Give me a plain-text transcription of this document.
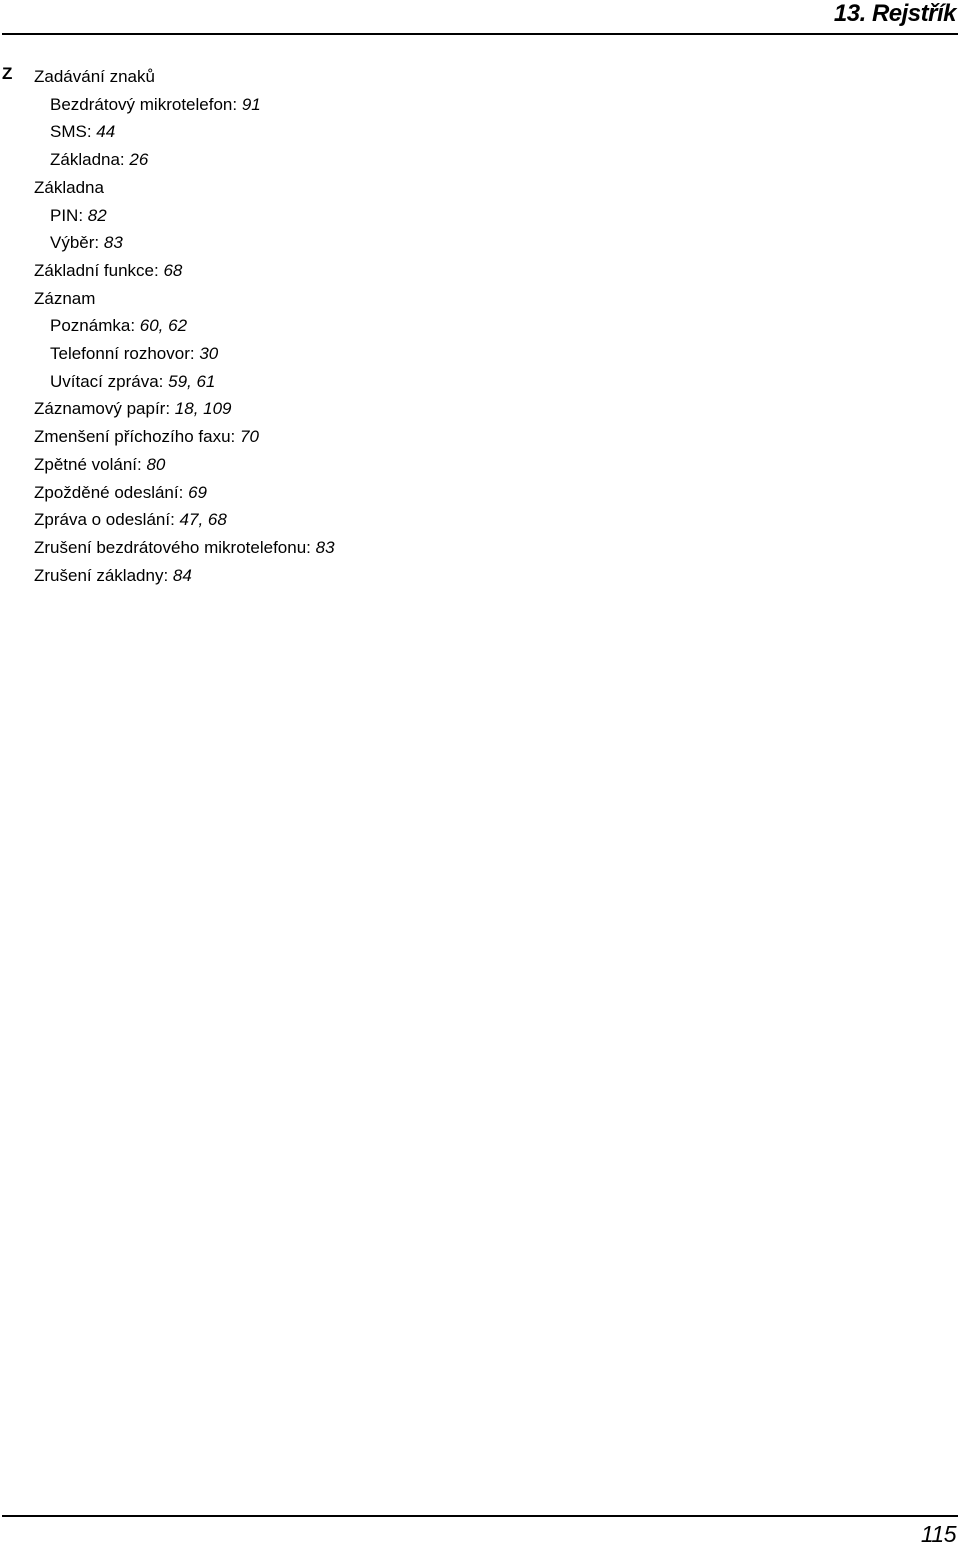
13. Rejstřík
Z Zadávání znaků
Bezdrátový mikrotelefon: 91
SMS: 44
Základna: 26
Základna
PIN: 82
Výběr: 83
Základní funkce: 68
Záznam
Poznámka: 60, 62
Telefonní rozhovor: 30
Uvítací zpráva: 59, 61
Záznamový papír: 18, 109
Zmenšení příchozího faxu: 70
Zpětné volání: 80
Zpožděné odeslání: 69
Zpráva o odeslání: 47, 68
Zrušení bezdrátového mikrotelefonu: 83
Zrušení základny: 84
115
